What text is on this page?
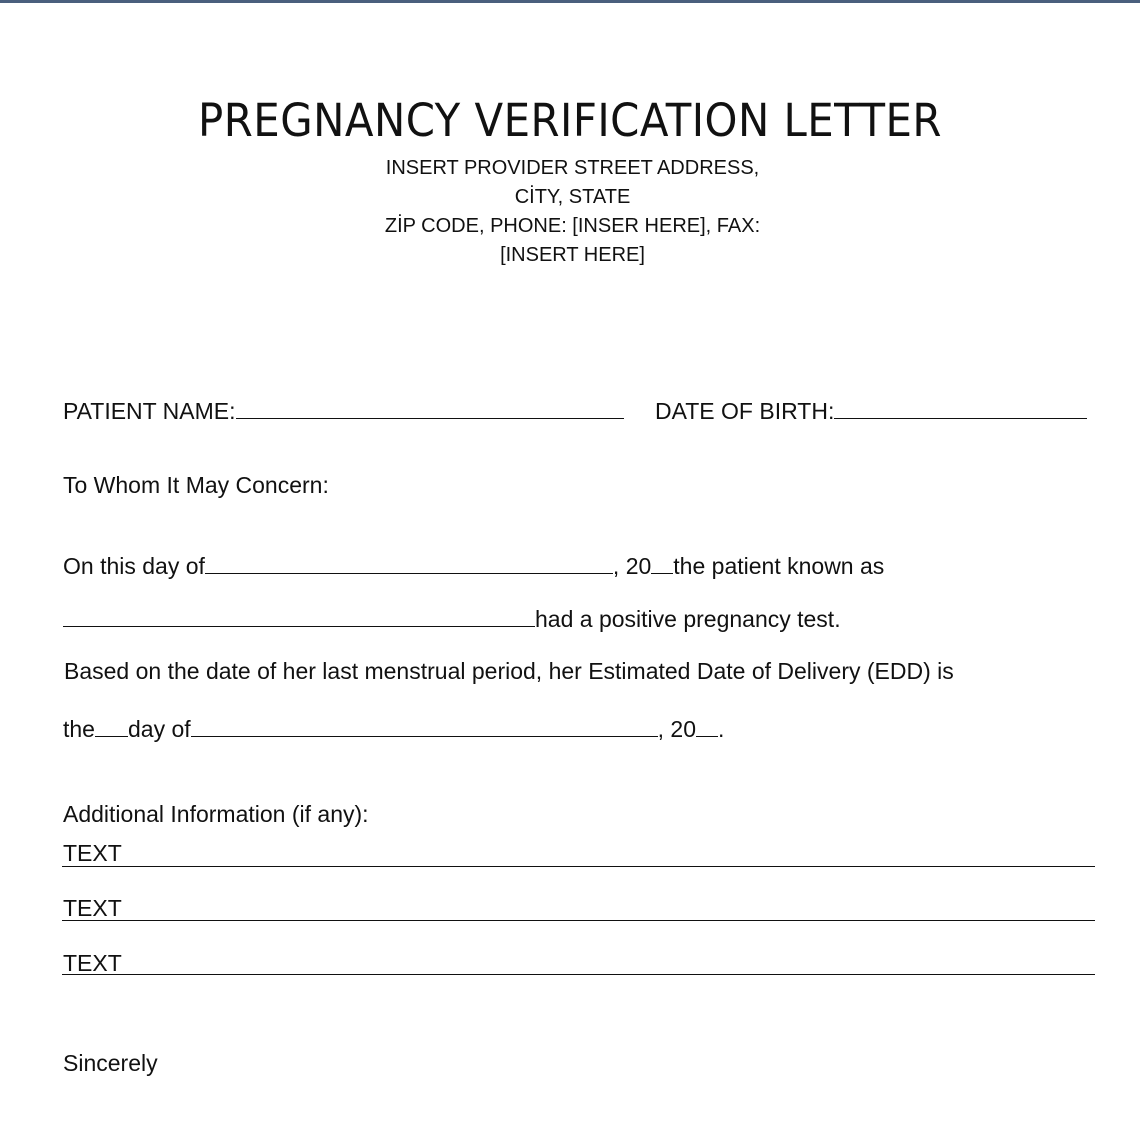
PREGNANCY VERIFICATION LETTER
INSERT PROVIDER STREET ADDRESS,
CİTY, STATE
ZİP CODE, PHONE: [INSER HERE], FAX:
[INSERT HERE]
PATIENT NAME:	DATE OF BIRTH:
To Whom It May Concern:
On this day of	, 20 the patient known as
had a positive pregnancy test.
Based on the date of her last menstrual period, her Estimated Date of Delivery (EDD) is
the day of	, 20 .
Additional Information (if any):
TEXT
TEXT
TEXT
Sincerely
